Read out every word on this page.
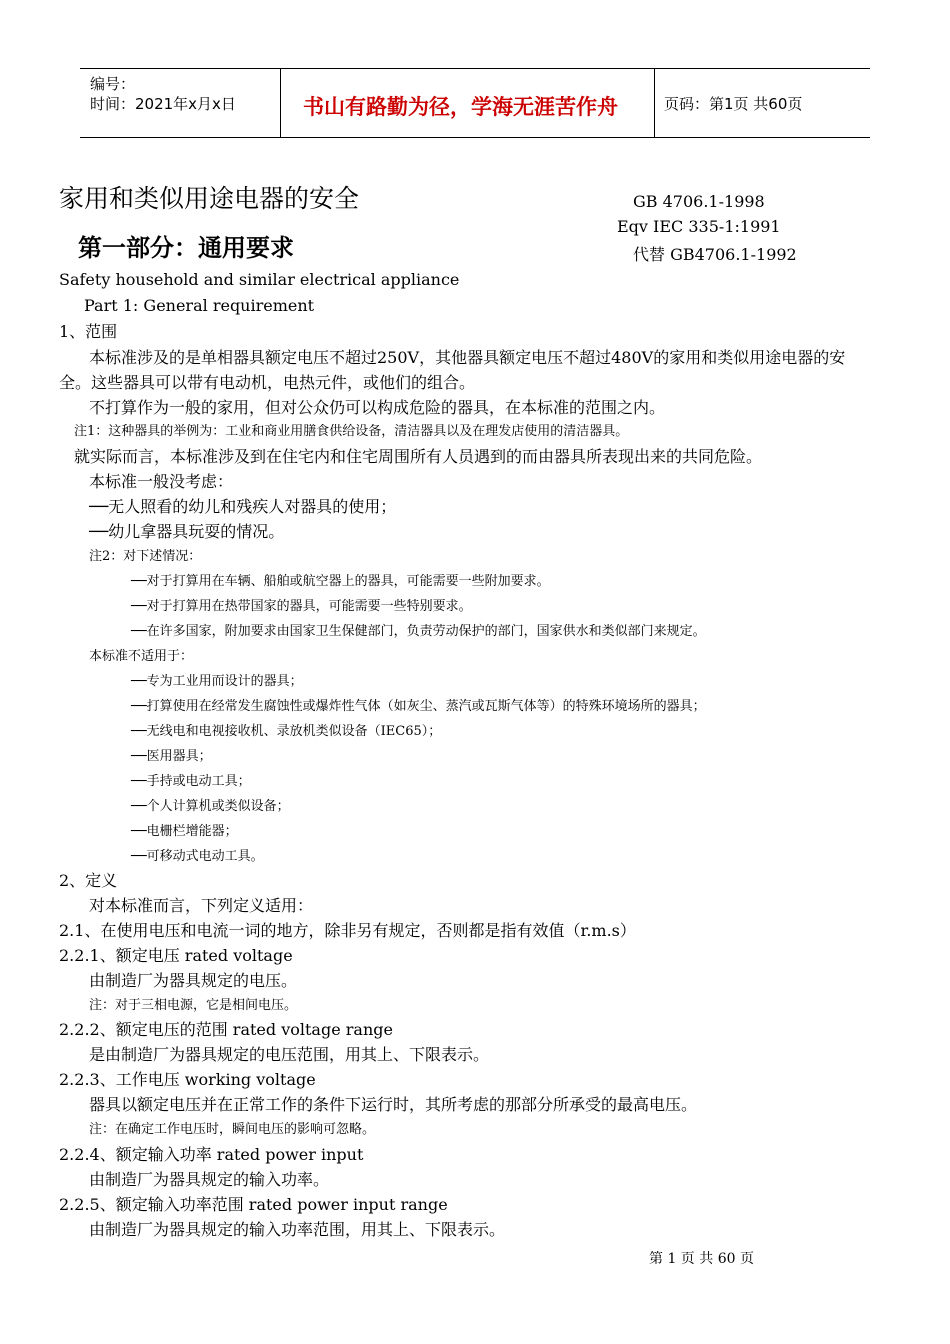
编号：
时间：2021年x月x日	书山有路勤为径，学海无涯苦作舟	页码：第1页 共60页
家用和类似用途电器的安全
第一部分：通用要求
GB 4706.1-1998
Eqv IEC 335-1:1991
代替 GB4706.1-1992
Safety household and similar electrical appliance
Part 1: General requirement
1、范围
本标准涉及的是单相器具额定电压不超过250V，其他器具额定电压不超过480V的家用和类似用途电器的安
全。这些器具可以带有电动机，电热元件，或他们的组合。
不打算作为一般的家用，但对公众仍可以构成危险的器具，在本标准的范围之内。
注1：这种器具的举例为：工业和商业用膳食供给设备，清洁器具以及在理发店使用的清洁器具。
就实际而言，本标准涉及到在住宅内和住宅周围所有人员遇到的而由器具所表现出来的共同危险。
本标准一般没考虑：
──无人照看的幼儿和残疾人对器具的使用；
──幼儿拿器具玩耍的情况。
注2：对下述情况：
──对于打算用在车辆、船舶或航空器上的器具，可能需要一些附加要求。
──对于打算用在热带国家的器具，可能需要一些特别要求。
──在许多国家，附加要求由国家卫生保健部门，负责劳动保护的部门，国家供水和类似部门来规定。
本标准不适用于：
──专为工业用而设计的器具；
──打算使用在经常发生腐蚀性或爆炸性气体（如灰尘、蒸汽或瓦斯气体等）的特殊环境场所的器具；
──无线电和电视接收机、录放机类似设备（IEC65）；
──医用器具；
──手持或电动工具；
──个人计算机或类似设备；
──电栅栏增能器；
──可移动式电动工具。
2、定义
对本标准而言，下列定义适用：
2.1、在使用电压和电流一词的地方，除非另有规定，否则都是指有效值（r.m.s）
2.2.1、额定电压 rated voltage
由制造厂为器具规定的电压。
注：对于三相电源，它是相间电压。
2.2.2、额定电压的范围 rated voltage range
是由制造厂为器具规定的电压范围，用其上、下限表示。
2.2.3、工作电压 working voltage
器具以额定电压并在正常工作的条件下运行时，其所考虑的那部分所承受的最高电压。
注：在确定工作电压时，瞬间电压的影响可忽略。
2.2.4、额定输入功率 rated power input
由制造厂为器具规定的输入功率。
2.2.5、额定输入功率范围 rated power input range
由制造厂为器具规定的输入功率范围，用其上、下限表示。
第 1 页 共 60 页
